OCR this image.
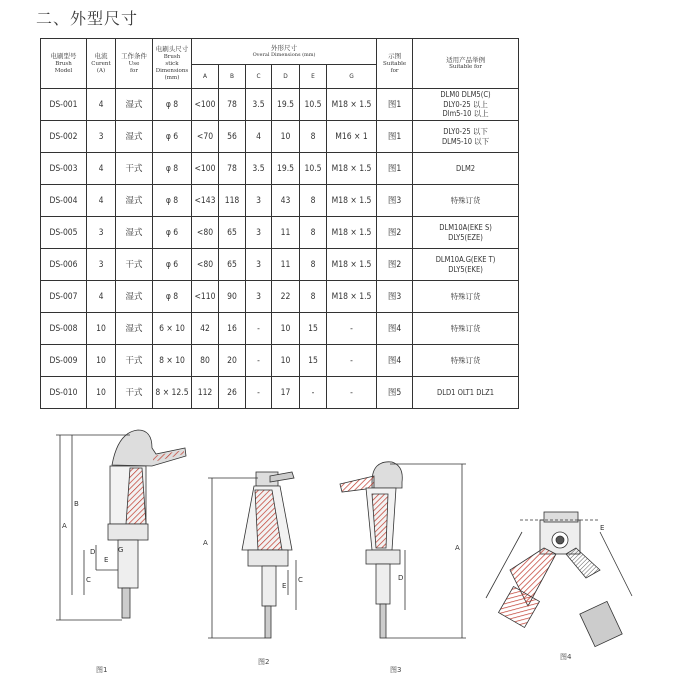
二、外型尺寸
电刷型号
Brush
Model	电流
Curent
(A)	工作条件
Use
for	电刷头尺寸
Brush
stick
Dimensions
(mm)	外形尺寸
Overal Dimensions (mm)						示图
Suitable
for	适用产品举例
Suitable for

				A	B	C	D	E	G		
DS-001	4	湿式	φ 8	<100	78	3.5	19.5	10.5	M18 × 1.5	图1	DLM0 DLM5(C)
DLY0-25 以上
Dlm5-10 以上

DS-002	3	湿式	φ 6	<70	56	4	10	8	M16 × 1	图1	DLY0-25 以下
DLM5-10 以下

DS-003	4	干式	φ 8	<100	78	3.5	19.5	10.5	M18 × 1.5	图1	DLM2

DS-004	4	湿式	φ 8	<143	118	3	43	8	M18 × 1.5	图3	特殊订货

DS-005	3	湿式	φ 6	<80	65	3	11	8	M18 × 1.5	图2	DLM10A(EKE S)
DLY5(EZE)

DS-006	3	干式	φ 6	<80	65	3	11	8	M18 × 1.5	图2	DLM10A.G(EKE T)
DLY5(EKE)

DS-007	4	湿式	φ 8	<110	90	3	22	8	M18 × 1.5	图3	特殊订货

DS-008	10	湿式	6 × 10	42	16	-	10	15	-	图4	特殊订货

DS-009	10	干式	8 × 10	80	20	-	10	15	-	图4	特殊订货

DS-010	10	干式	8 × 12.5	112	26	-	17	-	-	图5	DLD1 OLT1 DLZ1
A
B
C
D
E
G
A
C
E
A
D
E
图1
图2
图3
图4
